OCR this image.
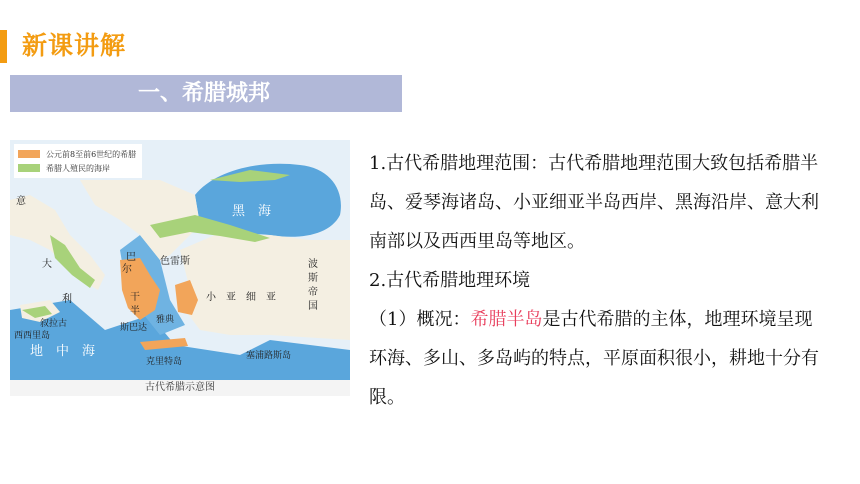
新课讲解
一、希腊城邦
公元前8至前6世纪的希腊
希腊人殖民的海岸
意
大
利
巴
尔
干
半
色雷斯
小　亚　细　亚
波斯帝国
西西里岛
叙拉古	雅典
斯巴达
克里特岛
塞浦路斯岛
黑　海
地　中　海
古代希腊示意图

1.古代希腊地理范围：古代希腊地理范围大致包括希腊半岛、爱琴海诸岛、小亚细亚半岛西岸、黑海沿岸、意大利南部以及西西里岛等地区。

2.古代希腊地理环境

（1）概况：希腊半岛是古代希腊的主体，地理环境呈现环海、多山、多岛屿的特点，平原面积很小，耕地十分有限。
